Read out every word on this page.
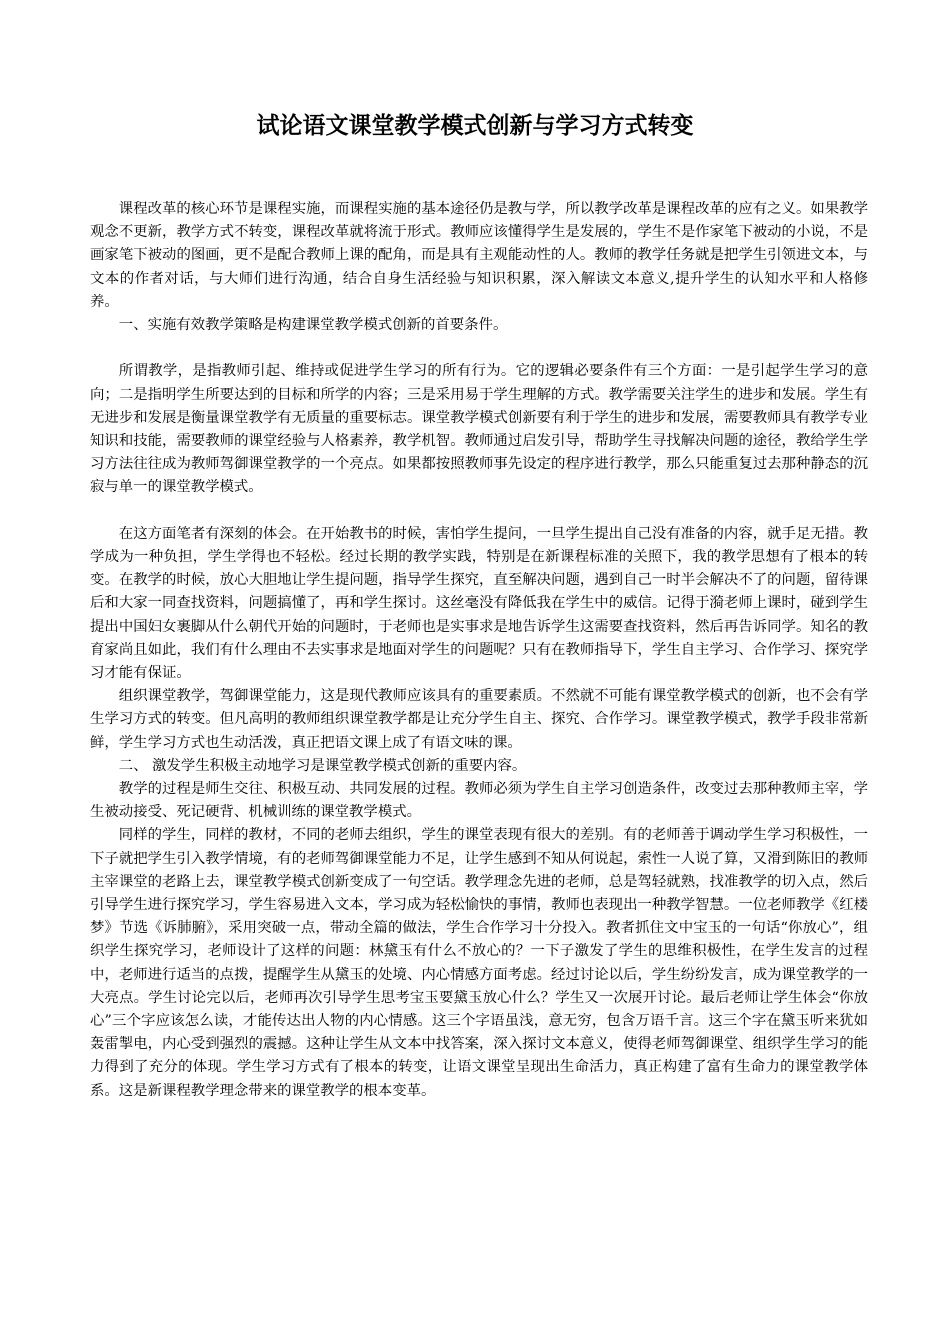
试论语文课堂教学模式创新与学习方式转变

课程改革的核心环节是课程实施，而课程实施的基本途径仍是教与学，所以教学改革是课程改革的应有之义。如果教学观念不更新，教学方式不转变，课程改革就将流于形式。教师应该懂得学生是发展的，学生不是作家笔下被动的小说，不是画家笔下被动的图画，更不是配合教师上课的配角，而是具有主观能动性的人。教师的教学任务就是把学生引领进文本，与文本的作者对话，与大师们进行沟通，结合自身生活经验与知识积累，深入解读文本意义,提升学生的认知水平和人格修养。

一、实施有效教学策略是构建课堂教学模式创新的首要条件。

所谓教学，是指教师引起、维持或促进学生学习的所有行为。它的逻辑必要条件有三个方面：一是引起学生学习的意向；二是指明学生所要达到的目标和所学的内容；三是采用易于学生理解的方式。教学需要关注学生的进步和发展。学生有无进步和发展是衡量课堂教学有无质量的重要标志。课堂教学模式创新要有利于学生的进步和发展，需要教师具有教学专业知识和技能，需要教师的课堂经验与人格素养，教学机智。教师通过启发引导，帮助学生寻找解决问题的途径，教给学生学习方法往往成为教师驾御课堂教学的一个亮点。如果都按照教师事先设定的程序进行教学，那么只能重复过去那种静态的沉寂与单一的课堂教学模式。

在这方面笔者有深刻的体会。在开始教书的时候，害怕学生提问，一旦学生提出自己没有准备的内容，就手足无措。教学成为一种负担，学生学得也不轻松。经过长期的教学实践，特别是在新课程标准的关照下，我的教学思想有了根本的转变。在教学的时候，放心大胆地让学生提问题，指导学生探究，直至解决问题，遇到自己一时半会解决不了的问题，留待课后和大家一同查找资料，问题搞懂了，再和学生探讨。这丝毫没有降低我在学生中的威信。记得于漪老师上课时，碰到学生提出中国妇女裹脚从什么朝代开始的问题时，于老师也是实事求是地告诉学生这需要查找资料，然后再告诉同学。知名的教育家尚且如此，我们有什么理由不去实事求是地面对学生的问题呢？只有在教师指导下，学生自主学习、合作学习、探究学习才能有保证。

组织课堂教学，驾御课堂能力，这是现代教师应该具有的重要素质。不然就不可能有课堂教学模式的创新，也不会有学生学习方式的转变。但凡高明的教师组织课堂教学都是让充分学生自主、探究、合作学习。课堂教学模式，教学手段非常新鲜，学生学习方式也生动活泼，真正把语文课上成了有语文味的课。

二、 激发学生积极主动地学习是课堂教学模式创新的重要内容。

教学的过程是师生交往、积极互动、共同发展的过程。教师必须为学生自主学习创造条件，改变过去那种教师主宰，学生被动接受、死记硬背、机械训练的课堂教学模式。

同样的学生，同样的教材，不同的老师去组织，学生的课堂表现有很大的差别。有的老师善于调动学生学习积极性，一下子就把学生引入教学情境，有的老师驾御课堂能力不足，让学生感到不知从何说起，索性一人说了算，又滑到陈旧的教师主宰课堂的老路上去，课堂教学模式创新变成了一句空话。教学理念先进的老师，总是驾轻就熟，找准教学的切入点，然后引导学生进行探究学习，学生容易进入文本，学习成为轻松愉快的事情，教师也表现出一种教学智慧。一位老师教学《红楼梦》节选《诉肺腑》，采用突破一点，带动全篇的做法，学生合作学习十分投入。教者抓住文中宝玉的一句话“你放心”，组织学生探究学习，老师设计了这样的问题：林黛玉有什么不放心的？一下子激发了学生的思维积极性，在学生发言的过程中，老师进行适当的点拨，提醒学生从黛玉的处境、内心情感方面考虑。经过讨论以后，学生纷纷发言，成为课堂教学的一大亮点。学生讨论完以后，老师再次引导学生思考宝玉要黛玉放心什么？学生又一次展开讨论。最后老师让学生体会“你放心”三个字应该怎么读，才能传达出人物的内心情感。这三个字语虽浅，意无穷，包含万语千言。这三个字在黛玉听来犹如轰雷掣电，内心受到强烈的震撼。这种让学生从文本中找答案，深入探讨文本意义，使得老师驾御课堂、组织学生学习的能力得到了充分的体现。学生学习方式有了根本的转变，让语文课堂呈现出生命活力，真正构建了富有生命力的课堂教学体系。这是新课程教学理念带来的课堂教学的根本变革。
